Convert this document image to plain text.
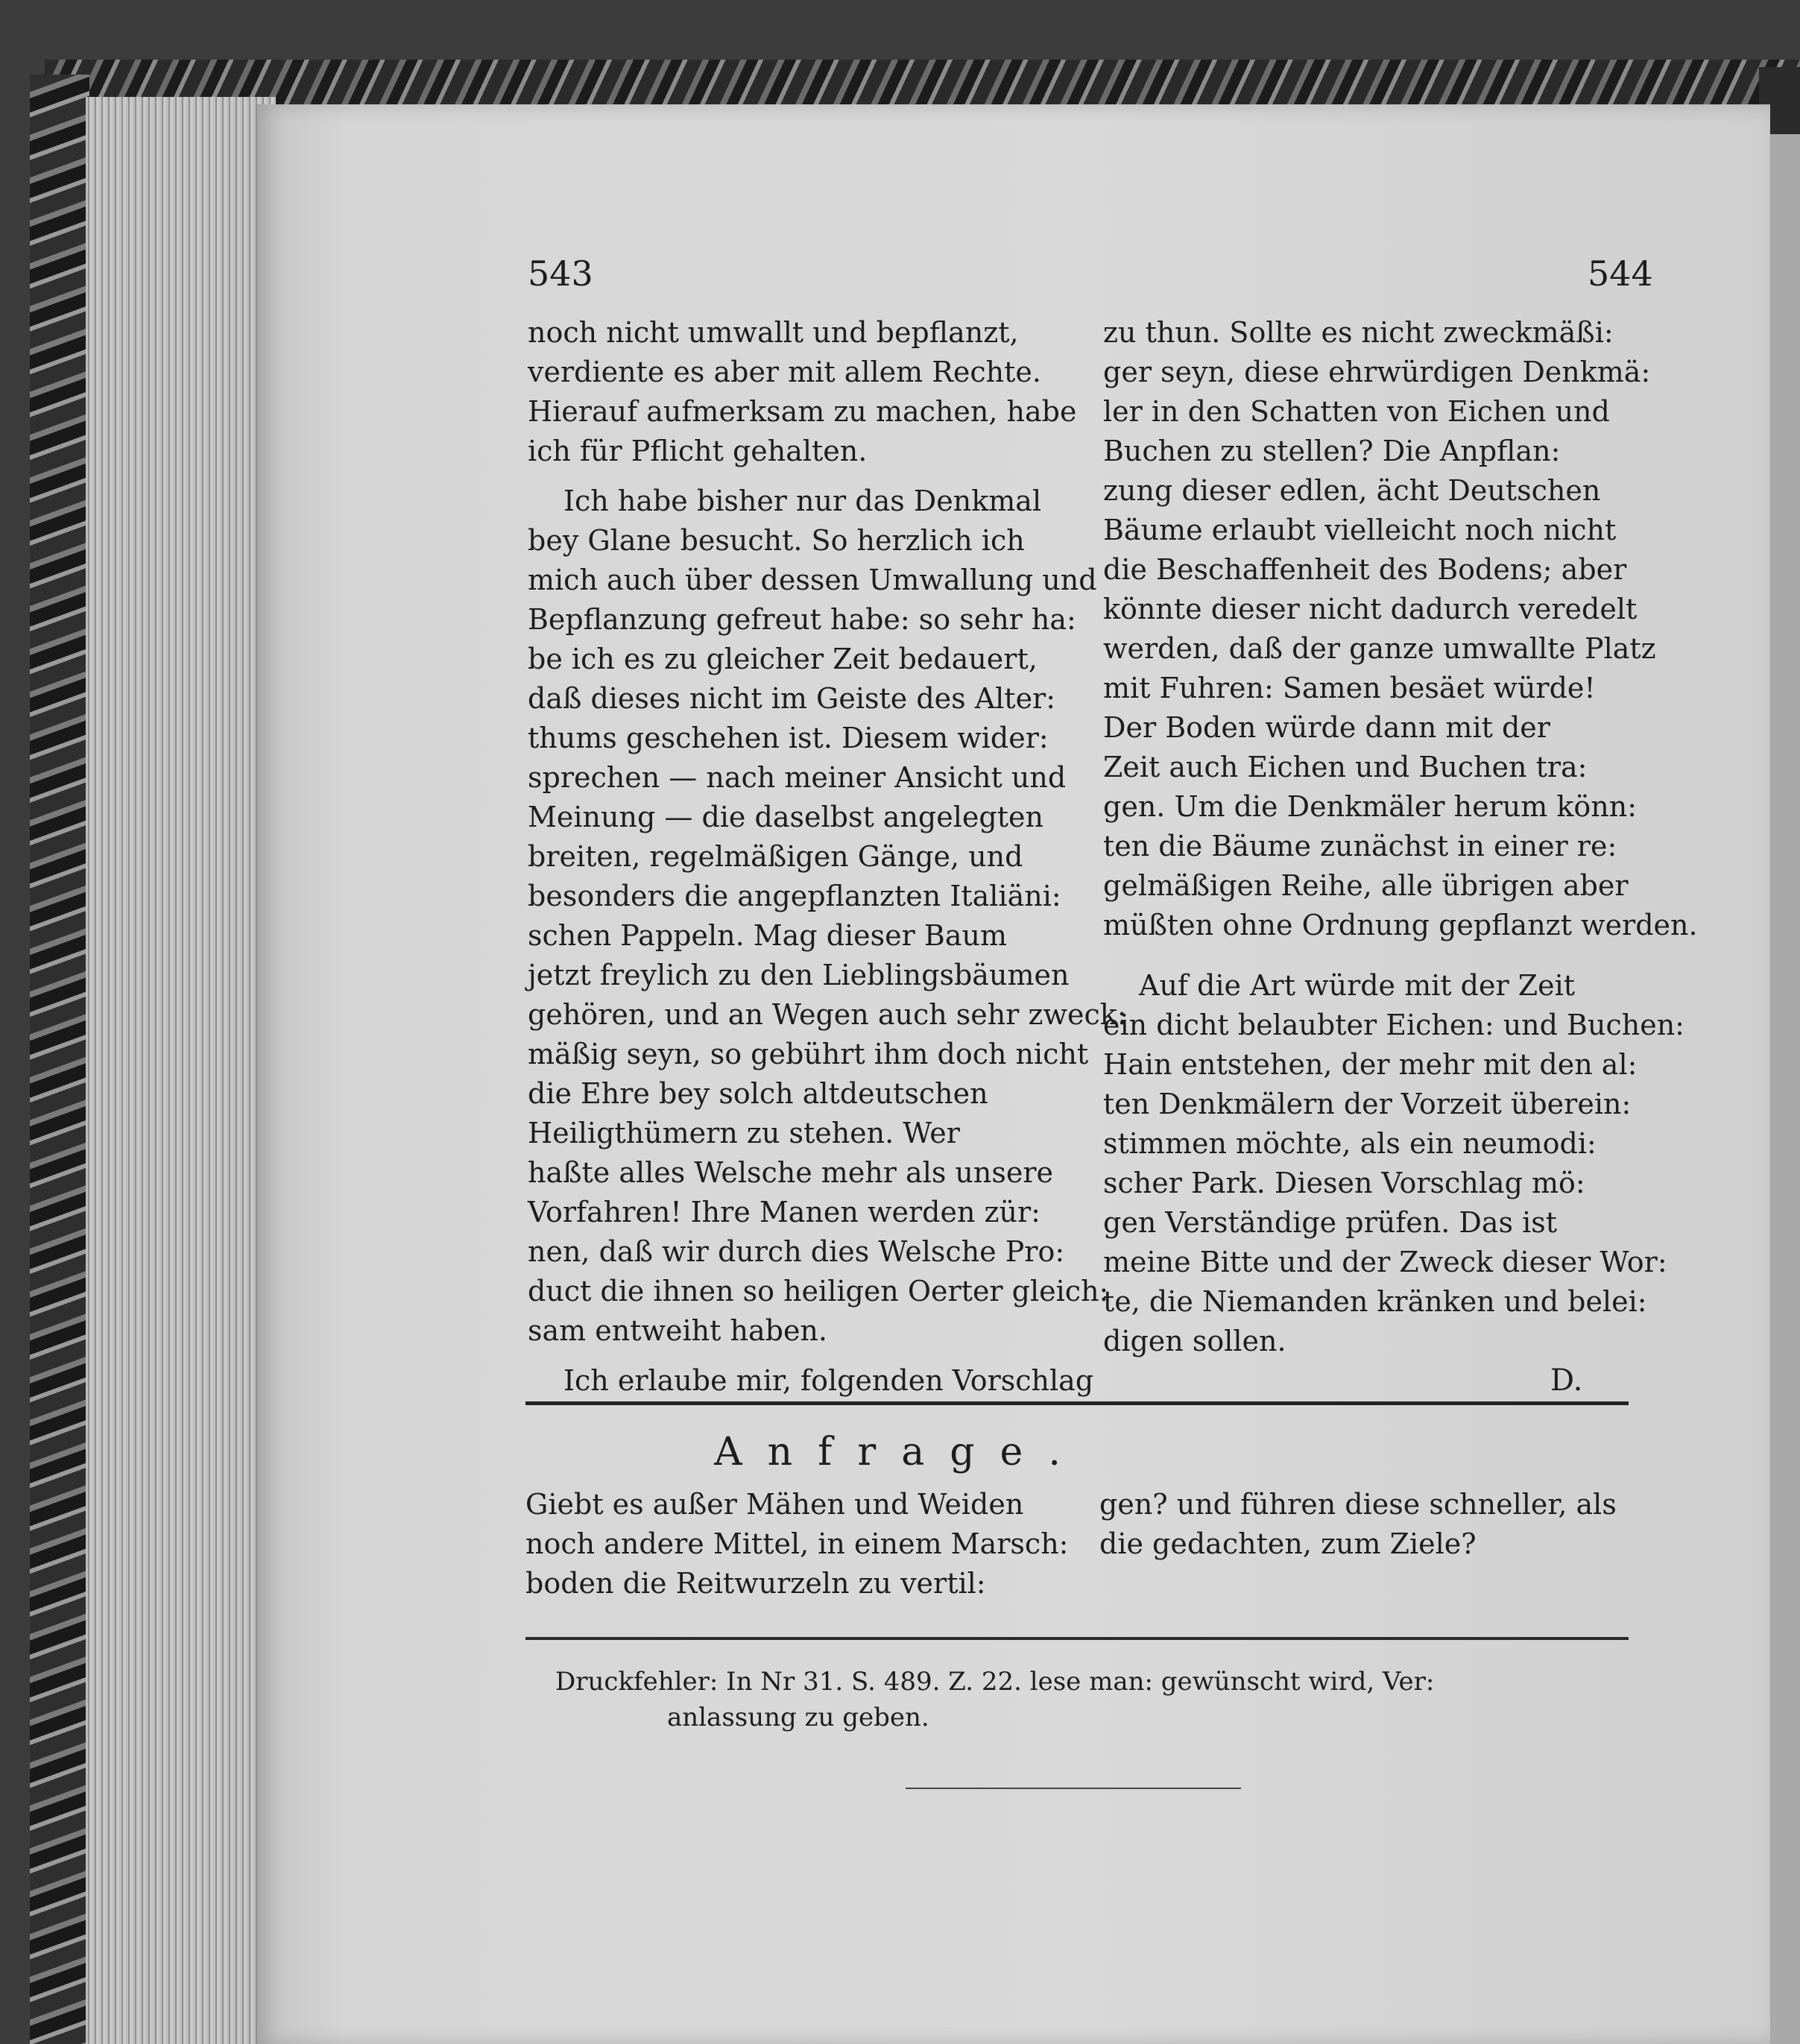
543	544
noch nicht umwallt und bepflanzt,
verdiente es aber mit allem Rechte.
Hierauf aufmerksam zu machen, habe
ich für Pflicht gehalten.
Ich habe bisher nur das Denkmal
bey Glane besucht. So herzlich ich
mich auch über dessen Umwallung und
Bepflanzung gefreut habe: so sehr ha:
be ich es zu gleicher Zeit bedauert,
daß dieses nicht im Geiste des Alter:
thums geschehen ist. Diesem wider:
sprechen — nach meiner Ansicht und
Meinung — die daselbst angelegten
breiten, regelmäßigen Gänge, und
besonders die angepflanzten Italiäni:
schen Pappeln. Mag dieser Baum
jetzt freylich zu den Lieblingsbäumen
gehören, und an Wegen auch sehr zweck:
mäßig seyn, so gebührt ihm doch nicht
die Ehre bey solch altdeutschen
Heiligthümern zu stehen. Wer
haßte alles Welsche mehr als unsere
Vorfahren! Ihre Manen werden zür:
nen, daß wir durch dies Welsche Pro:
duct die ihnen so heiligen Oerter gleich:
sam entweiht haben.
Ich erlaube mir, folgenden Vorschlag
zu thun. Sollte es nicht zweckmäßi:
ger seyn, diese ehrwürdigen Denkmä:
ler in den Schatten von Eichen und
Buchen zu stellen? Die Anpflan:
zung dieser edlen, ächt Deutschen
Bäume erlaubt vielleicht noch nicht
die Beschaffenheit des Bodens; aber
könnte dieser nicht dadurch veredelt
werden, daß der ganze umwallte Platz
mit Fuhren: Samen besäet würde!
Der Boden würde dann mit der
Zeit auch Eichen und Buchen tra:
gen. Um die Denkmäler herum könn:
ten die Bäume zunächst in einer re:
gelmäßigen Reihe, alle übrigen aber
müßten ohne Ordnung gepflanzt werden.
Auf die Art würde mit der Zeit
ein dicht belaubter Eichen: und Buchen:
Hain entstehen, der mehr mit den al:
ten Denkmälern der Vorzeit überein:
stimmen möchte, als ein neumodi:
scher Park. Diesen Vorschlag mö:
gen Verständige prüfen. Das ist
meine Bitte und der Zweck dieser Wor:
te, die Niemanden kränken und belei:
digen sollen.
D.
Anfrage.
Giebt es außer Mähen und Weiden
noch andere Mittel, in einem Marsch:
boden die Reitwurzeln zu vertil:
gen? und führen diese schneller, als
die gedachten, zum Ziele?
Druckfehler: In Nr 31. S. 489. Z. 22. lese man: gewünscht wird, Ver:
anlassung zu geben.
